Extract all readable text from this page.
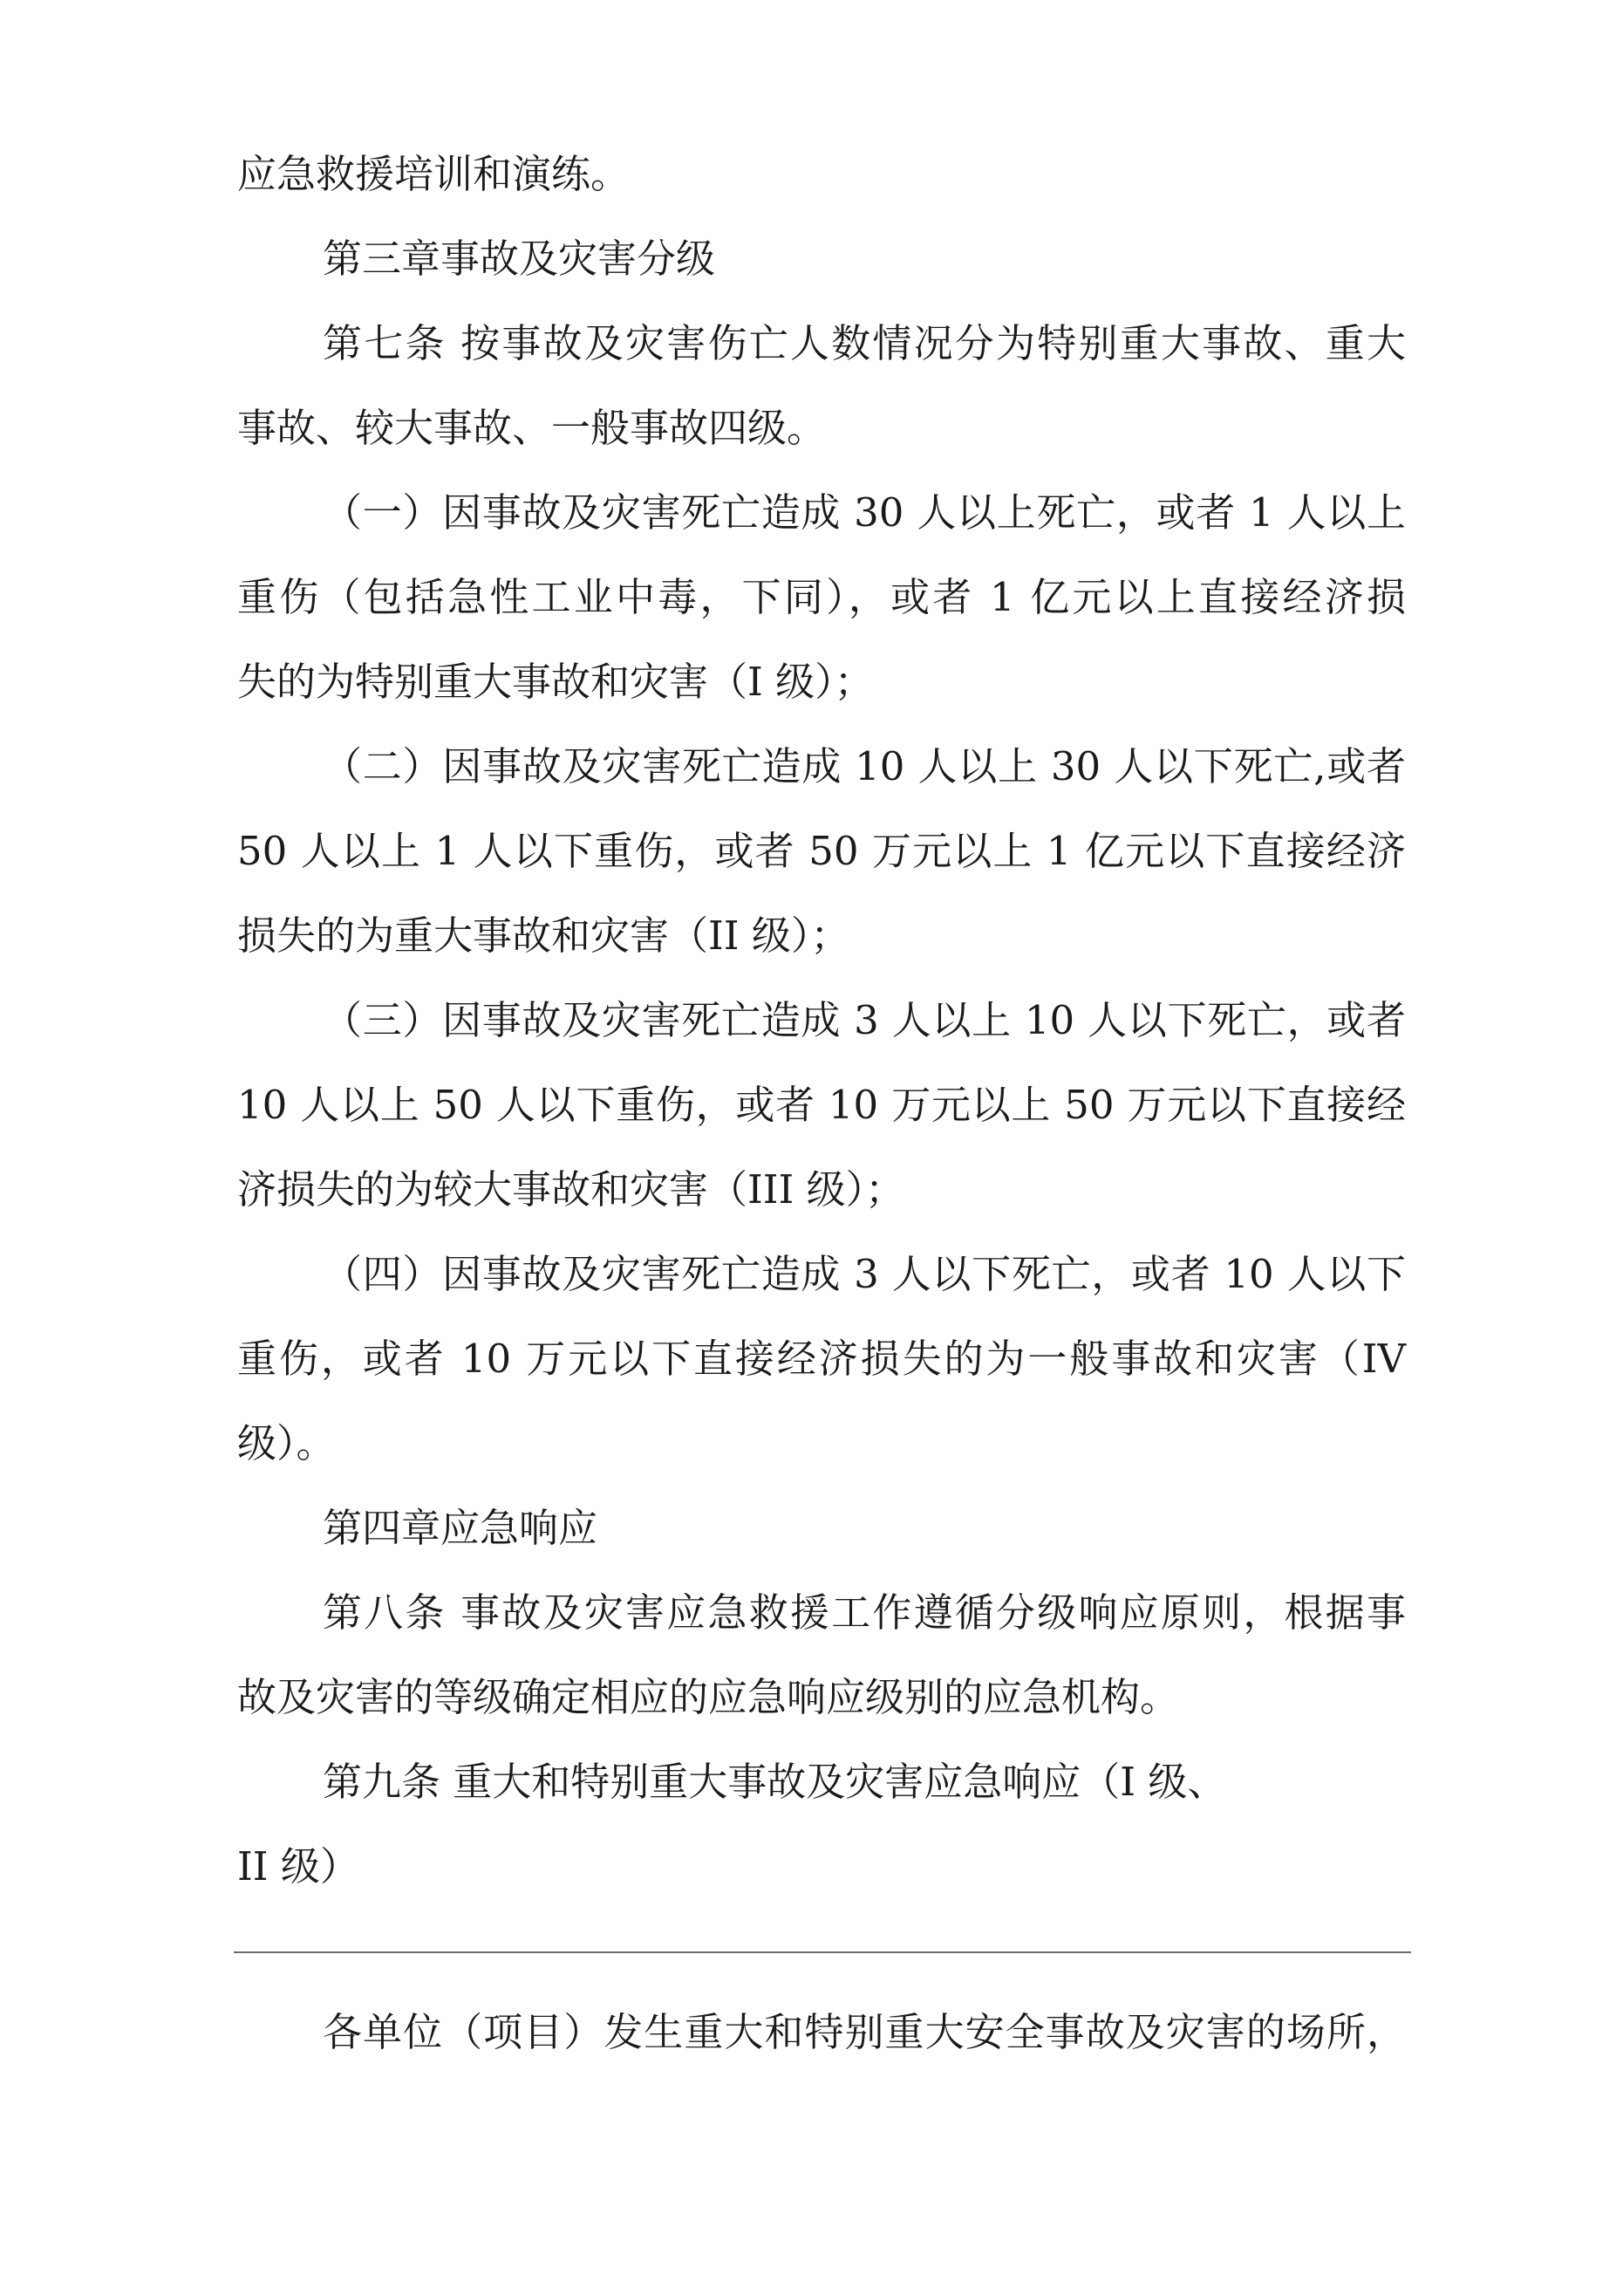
应急救援培训和演练。
第三章事故及灾害分级
第七条 按事故及灾害伤亡人数情况分为特别重大事故、重大
事故、较大事故、一般事故四级。
（一）因事故及灾害死亡造成 30 人以上死亡，或者 1 人以上
重伤（包括急性工业中毒，下同），或者 1 亿元以上直接经济损
失的为特别重大事故和灾害（I 级）；
（二）因事故及灾害死亡造成 10 人以上 30 人以下死亡,或者
50 人以上 1 人以下重伤，或者 50 万元以上 1 亿元以下直接经济
损失的为重大事故和灾害（II 级）；
（三）因事故及灾害死亡造成 3 人以上 10 人以下死亡，或者
10 人以上 50 人以下重伤，或者 10 万元以上 50 万元以下直接经
济损失的为较大事故和灾害（III 级）；
（四）因事故及灾害死亡造成 3 人以下死亡，或者 10 人以下
重伤，或者 10 万元以下直接经济损失的为一般事故和灾害（IV
级）。
第四章应急响应
第八条 事故及灾害应急救援工作遵循分级响应原则，根据事
故及灾害的等级确定相应的应急响应级别的应急机构。
第九条 重大和特别重大事故及灾害应急响应（I 级、
II 级）
各单位（项目）发生重大和特别重大安全事故及灾害的场所，
